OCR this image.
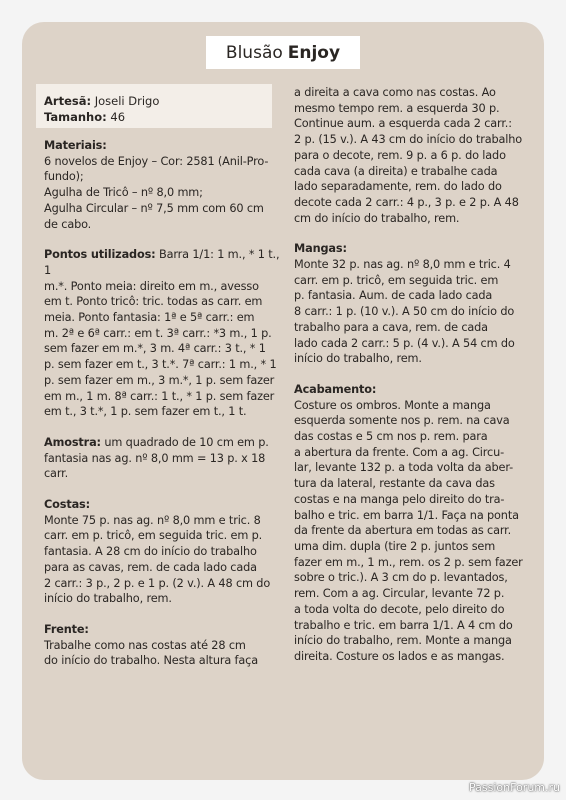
Blusão Enjoy
Artesã: Joseli Drigo
Tamanho: 46
Materiais:

6 novelos de Enjoy – Cor: 2581 (Anil-Pro-
fundo);
Agulha de Tricô – nº 8,0 mm;
Agulha Circular – nº 7,5 mm com 60 cm
de cabo.

Pontos utilizados: Barra 1/1: 1 m., * 1 t., 1
m.*. Ponto meia: direito em m., avesso
em t. Ponto tricô: tric. todas as carr. em
meia. Ponto fantasia: 1ª e 5ª carr.: em
m. 2ª e 6ª carr.: em t. 3ª carr.: *3 m., 1 p.
sem fazer em m.*, 3 m. 4ª carr.: 3 t., * 1
p. sem fazer em t., 3 t.*. 7ª carr.: 1 m., * 1
p. sem fazer em m., 3 m.*, 1 p. sem fazer
em m., 1 m. 8ª carr.: 1 t., * 1 p. sem fazer
em t., 3 t.*, 1 p. sem fazer em t., 1 t.

Amostra: um quadrado de 10 cm em p.
fantasia nas ag. nº 8,0 mm = 13 p. x 18
carr.

Costas:

Monte 75 p. nas ag. nº 8,0 mm e tric. 8
carr. em p. tricô, em seguida tric. em p.
fantasia. A 28 cm do início do trabalho
para as cavas, rem. de cada lado cada
2 carr.: 3 p., 2 p. e 1 p. (2 v.). A 48 cm do
início do trabalho, rem.

Frente:

Trabalhe como nas costas até 28 cm
do início do trabalho. Nesta altura faça

a direita a cava como nas costas. Ao
mesmo tempo rem. a esquerda 30 p.
Continue aum. a esquerda cada 2 carr.:
2 p. (15 v.). A 43 cm do início do trabalho
para o decote, rem. 9 p. a 6 p. do lado
cada cava (a direita) e trabalhe cada
lado separadamente, rem. do lado do
decote cada 2 carr.: 4 p., 3 p. e 2 p. A 48
cm do início do trabalho, rem.

Mangas:

Monte 32 p. nas ag. nº 8,0 mm e tric. 4
carr. em p. tricô, em seguida tric. em
p. fantasia. Aum. de cada lado cada
8 carr.: 1 p. (10 v.). A 50 cm do início do
trabalho para a cava, rem. de cada
lado cada 2 carr.: 5 p. (4 v.). A 54 cm do
início do trabalho, rem.

Acabamento:

Costure os ombros. Monte a manga
esquerda somente nos p. rem. na cava
das costas e 5 cm nos p. rem. para
a abertura da frente. Com a ag. Circu-
lar, levante 132 p. a toda volta da aber-
tura da lateral, restante da cava das
costas e na manga pelo direito do tra-
balho e tric. em barra 1/1. Faça na ponta
da frente da abertura em todas as carr.
uma dim. dupla (tire 2 p. juntos sem
fazer em m., 1 m., rem. os 2 p. sem fazer
sobre o tric.). A 3 cm do p. levantados,
rem. Com a ag. Circular, levante 72 p.
a toda volta do decote, pelo direito do
trabalho e tric. em barra 1/1. A 4 cm do
início do trabalho, rem. Monte a manga
direita. Costure os lados e as mangas.

PassionForum.ru
